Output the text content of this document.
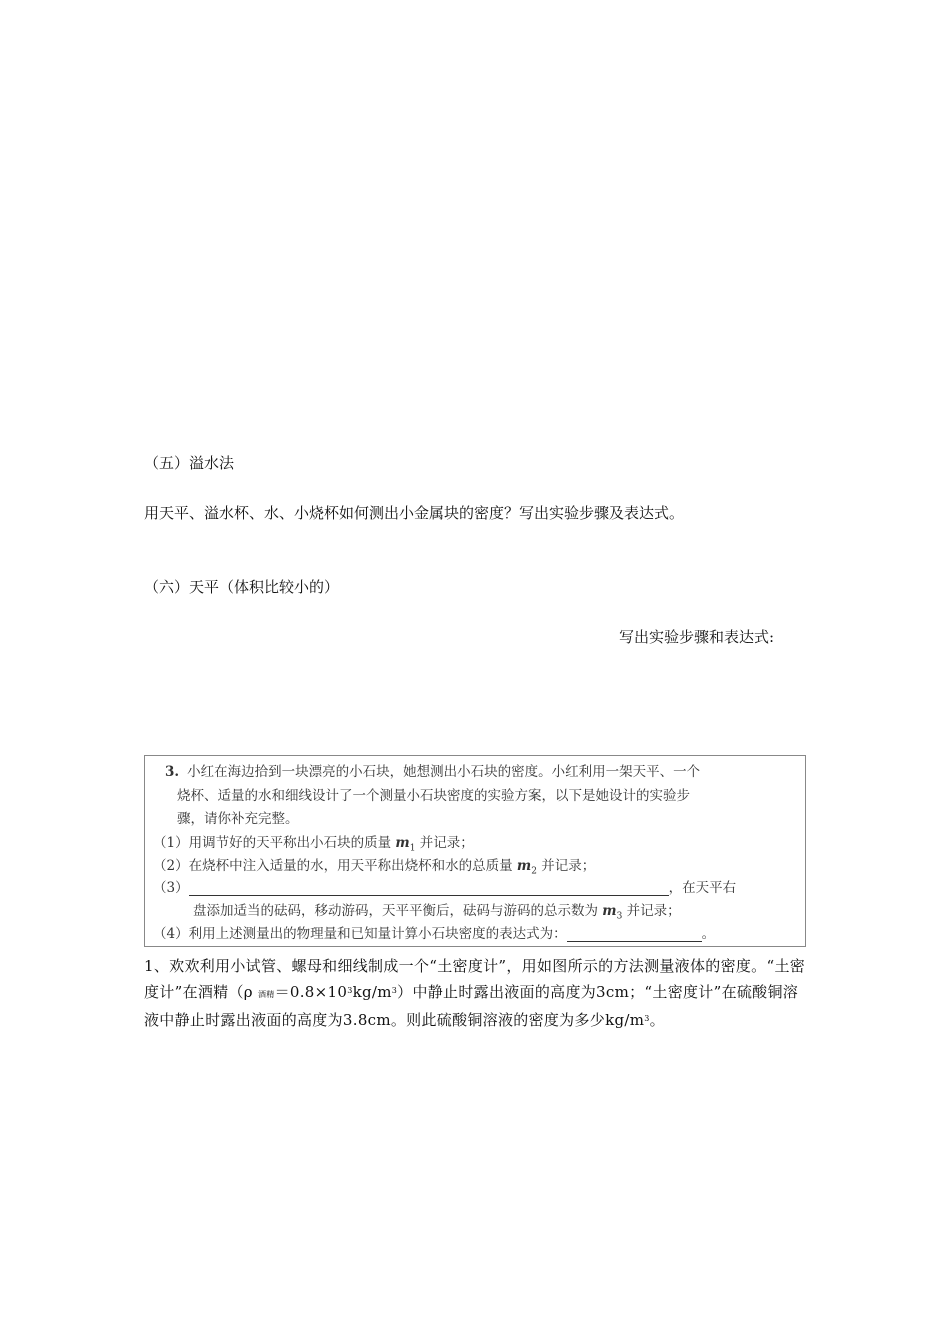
（五）溢水法
用天平、溢水杯、水、小烧杯如何测出小金属块的密度？写出实验步骤及表达式。
（六）天平（体积比较小的）
写出实验步骤和表达式:
3. 小红在海边拾到一块漂亮的小石块，她想测出小石块的密度。小红利用一架天平、一个
烧杯、适量的水和细线设计了一个测量小石块密度的实验方案，以下是她设计的实验步
骤，请你补充完整。
（1）用调节好的天平称出小石块的质量 $m_1$ 并记录；
（2）在烧杯中注入适量的水，用天平称出烧杯和水的总质量 $m_2$ 并记录；
（3）	，在天平右
盘添加适当的砝码，移动游码，天平平衡后，砝码与游码的总示数为 $m_3$ 并记录；
（4）利用上述测量出的物理量和已知量计算小石块密度的表达式为：	。
1、欢欢利用小试管、螺母和细线制成一个“土密度计”，用如图所示的方法测量液体的密度。“土密度计”在酒精（ρ 酒精$=0.8\times 10^3kg/m^3$）中静止时露出液面的高度为3cm；“土密度计”在硫酸铜溶液中静止时露出液面的高度为3.8cm。则此硫酸铜溶液的密度为多少$kg/m^3$。
